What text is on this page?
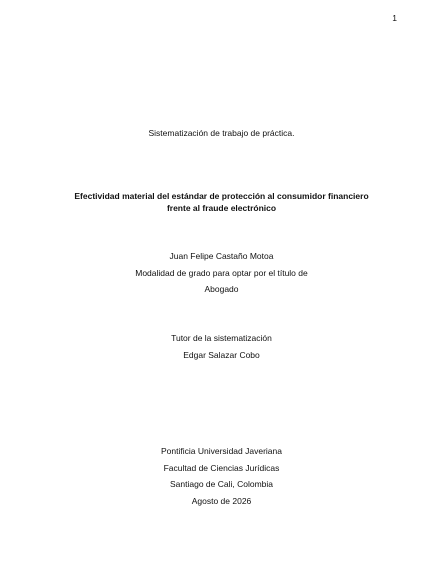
1
Sistematización de trabajo de práctica.
Efectividad material del estándar de protección al consumidor financiero
frente al fraude electrónico
Juan Felipe Castaño Motoa
Modalidad de grado para optar por el título de
Abogado
Tutor de la sistematización
Edgar Salazar Cobo
Pontificia Universidad Javeriana
Facultad de Ciencias Jurídicas
Santiago de Cali, Colombia
Agosto de 2026
